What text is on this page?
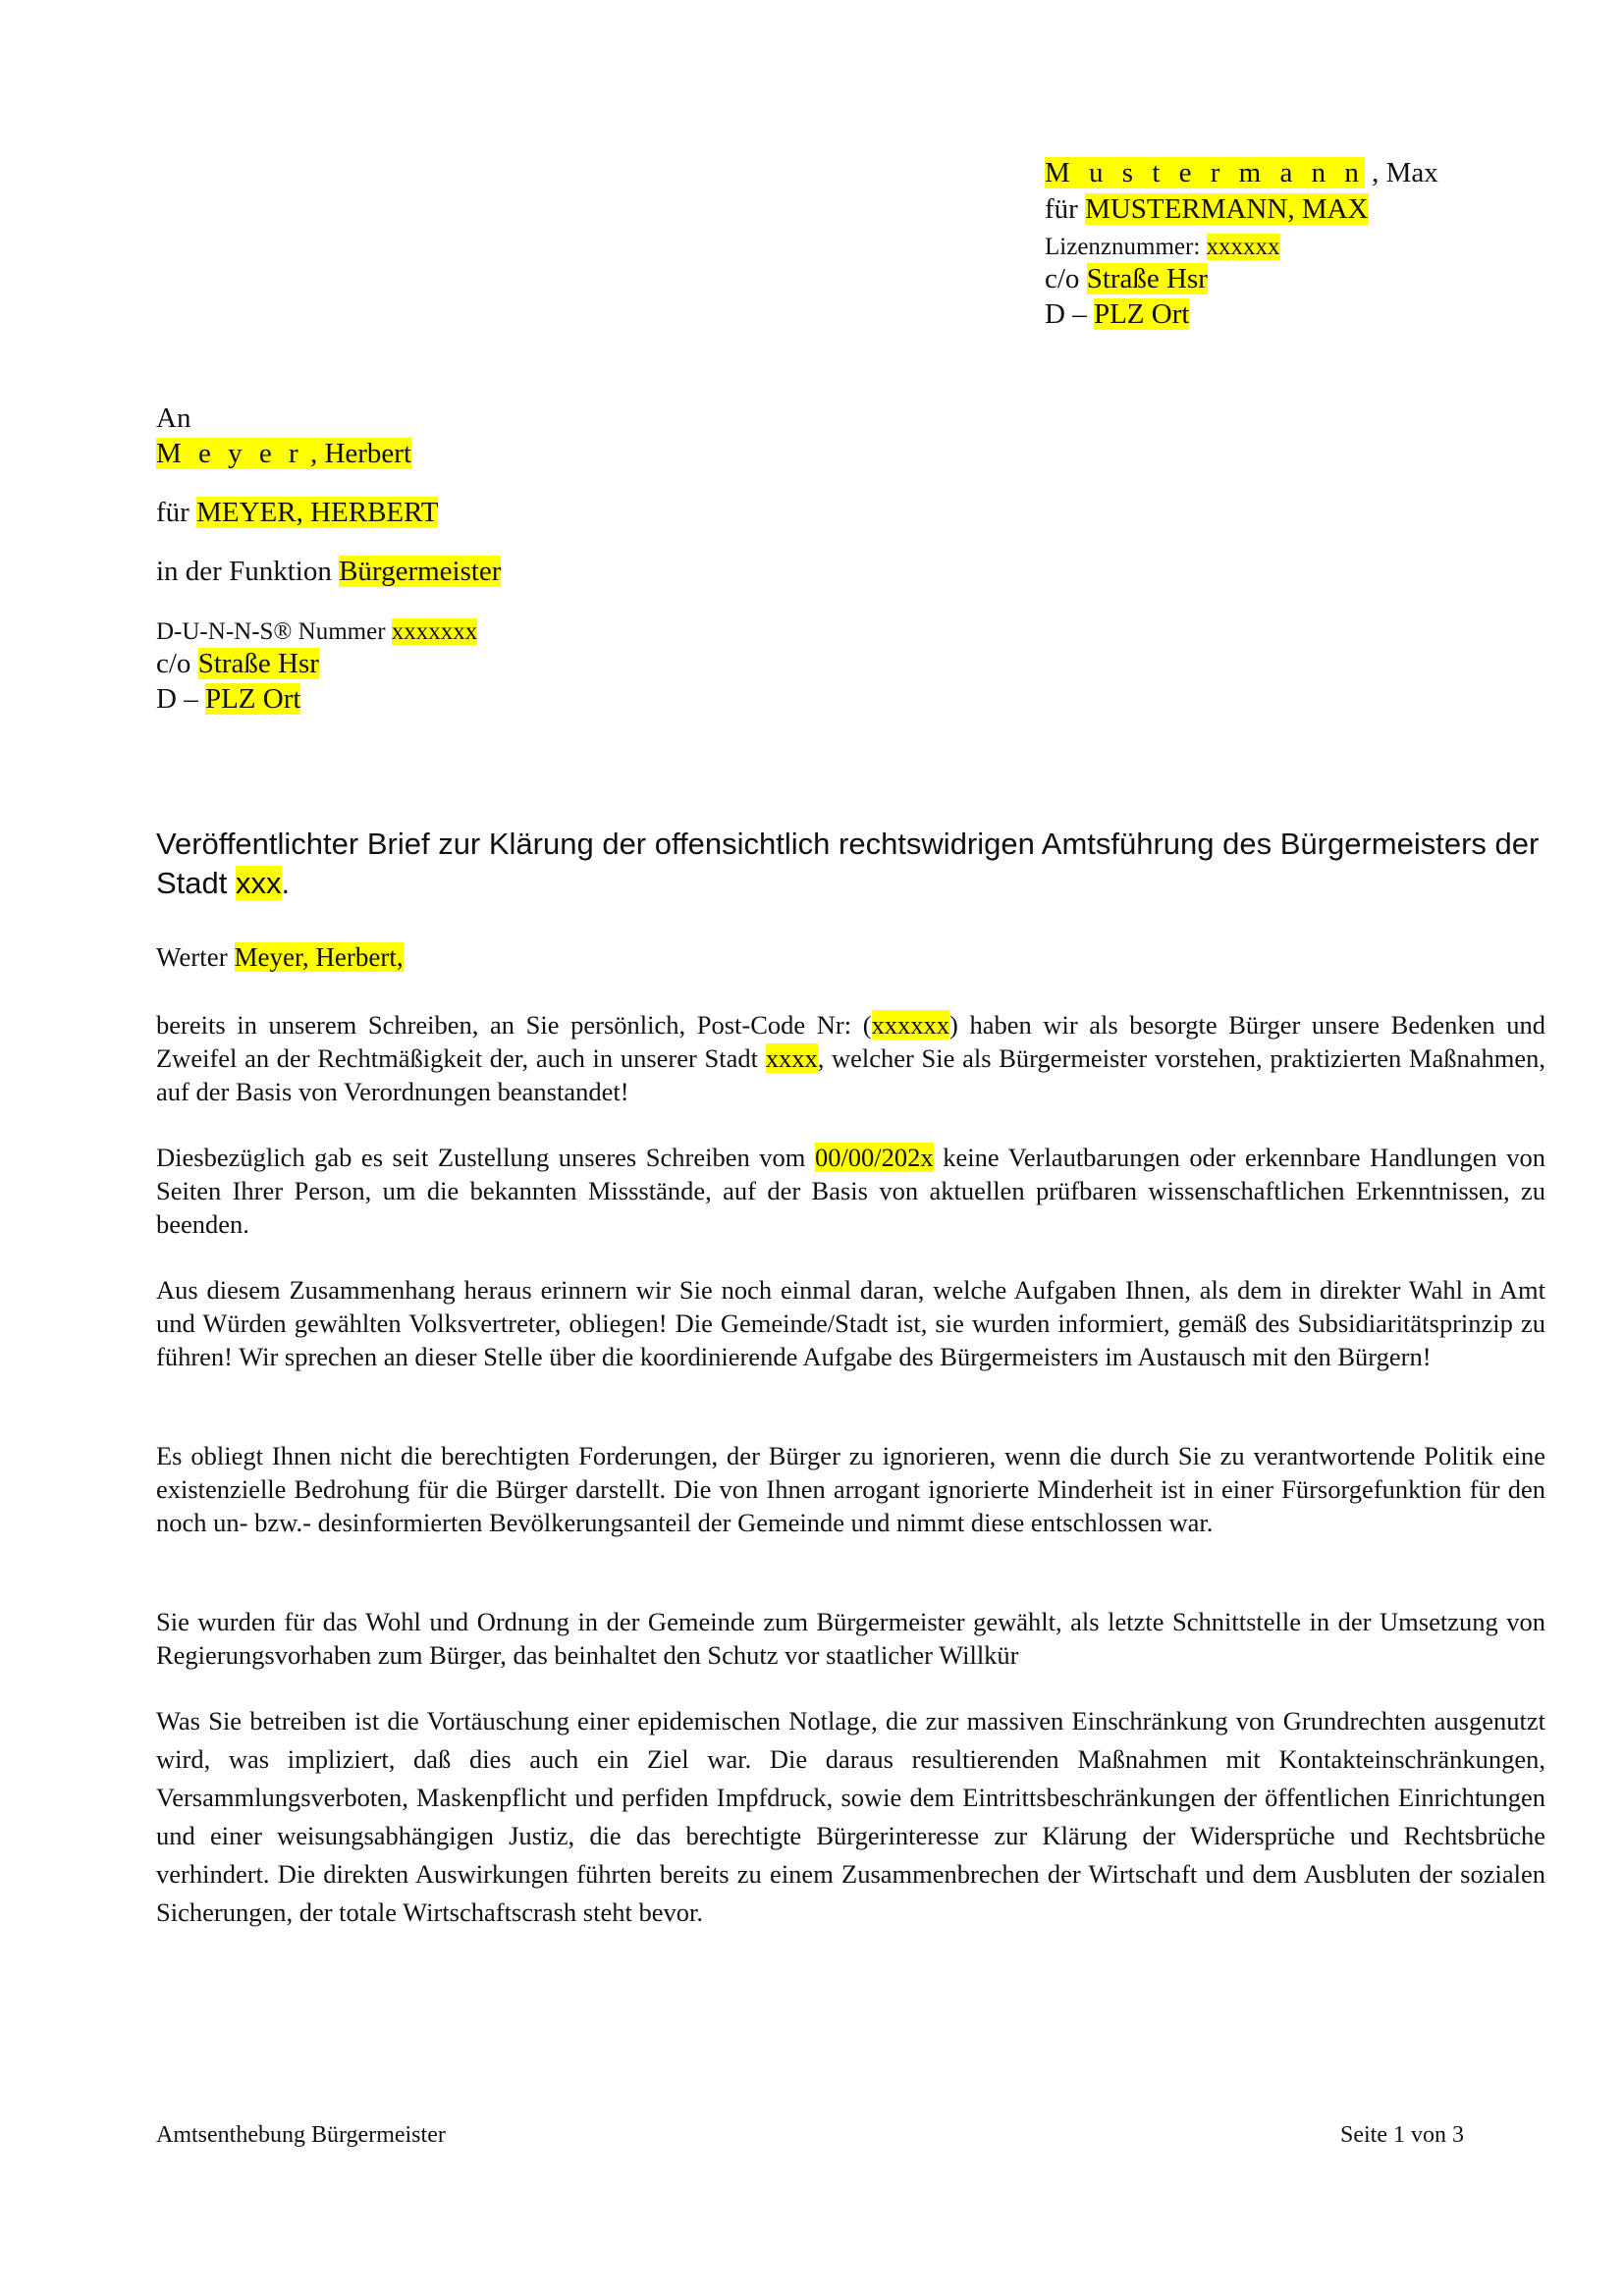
M u s t e r m a n n , Max
für MUSTERMANN, MAX
Lizenznummer: xxxxxx
c/o Straße Hsr
D – PLZ Ort
An
M e y e r , Herbert
für MEYER, HERBERT
in der Funktion Bürgermeister
D-U-N-N-S® Nummer xxxxxxx
c/o Straße Hsr
D – PLZ Ort
Veröffentlichter Brief zur Klärung der offensichtlich rechtswidrigen Amtsführung des Bürgermeisters der Stadt xxx.
Werter Meyer, Herbert,
bereits in unserem Schreiben, an Sie persönlich, Post-Code Nr: (xxxxxx) haben wir als besorgte Bürger unsere Bedenken und Zweifel an der Rechtmäßigkeit der, auch in unserer Stadt xxxx, welcher Sie als Bürgermeister vorstehen, praktizierten Maßnahmen, auf der Basis von Verordnungen beanstandet!
Diesbezüglich gab es seit Zustellung unseres Schreiben vom 00/00/202x keine Verlautbarungen oder erkennbare Handlungen von Seiten Ihrer Person, um die bekannten Missstände, auf der Basis von aktuellen prüfbaren wissenschaftlichen Erkenntnissen, zu beenden.
Aus diesem Zusammenhang heraus erinnern wir Sie noch einmal daran, welche Aufgaben Ihnen, als dem in direkter Wahl in Amt und Würden gewählten Volksvertreter, obliegen! Die Gemeinde/Stadt ist, sie wurden informiert, gemäß des Subsidiaritätsprinzip zu führen! Wir sprechen an dieser Stelle über die koordinierende Aufgabe des Bürgermeisters im Austausch mit den Bürgern!
Es obliegt Ihnen nicht die berechtigten Forderungen, der Bürger zu ignorieren, wenn die durch Sie zu verantwortende Politik eine existenzielle Bedrohung für die Bürger darstellt. Die von Ihnen arrogant ignorierte Minderheit ist in einer Fürsorgefunktion für den noch un- bzw.- desinformierten Bevölkerungsanteil der Gemeinde und nimmt diese entschlossen war.
Sie wurden für das Wohl und Ordnung in der Gemeinde zum Bürgermeister gewählt, als letzte Schnittstelle in der Umsetzung von Regierungsvorhaben zum Bürger, das beinhaltet den Schutz vor staatlicher Willkür
Was Sie betreiben ist die Vortäuschung einer epidemischen Notlage, die zur massiven Einschränkung von Grundrechten ausgenutzt wird, was impliziert, daß dies auch ein Ziel war. Die daraus resultierenden Maßnahmen mit Kontakteinschränkungen, Versammlungsverboten, Maskenpflicht und perfiden Impfdruck, sowie dem Eintrittsbeschränkungen der öffentlichen Einrichtungen und einer weisungsabhängigen Justiz, die das berechtigte Bürgerinteresse zur Klärung der Widersprüche und Rechtsbrüche verhindert. Die direkten Auswirkungen führten bereits zu einem Zusammenbrechen der Wirtschaft und dem Ausbluten der sozialen Sicherungen, der totale Wirtschaftscrash steht bevor.
Amtsenthebung Bürgermeister	Seite 1 von 3
